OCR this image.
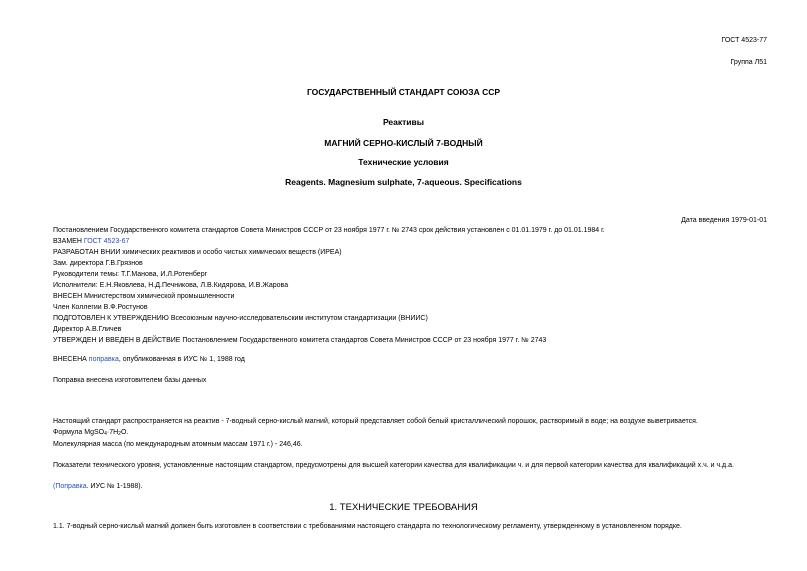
ГОСТ 4523-77
Группа Л51
ГОСУДАРСТВЕННЫЙ СТАНДАРТ СОЮЗА ССР
Реактивы
МАГНИЙ СЕРНО-КИСЛЫЙ 7-ВОДНЫЙ
Технические условия
Reagents. Magnesium sulphate, 7-aqueous. Specifications
Дата введения 1979-01-01
Постановлением Государственного комитета стандартов Совета Министров СССР от 23 ноября 1977 г. № 2743 срок действия установлен с 01.01.1979 г. до 01.01.1984 г.
ВЗАМЕН ГОСТ 4523-67
РАЗРАБОТАН ВНИИ химических реактивов и особо чистых химических веществ (ИРЕА)
Зам. директора Г.В.Грязнов
Руководители темы: Т.Г.Манова, И.Л.Ротенберг
Исполнители: Е.Н.Яковлева, Н.Д.Печникова, Л.В.Кидярова, И.В.Жарова
ВНЕСЕН Министерством химической промышленности
Член Коллегии В.Ф.Ростунов
ПОДГОТОВЛЕН К УТВЕРЖДЕНИЮ Всесоюзным научно-исследовательским институтом стандартизации (ВНИИС)
Директор А.В.Гличев
УТВЕРЖДЕН И ВВЕДЕН В ДЕЙСТВИЕ Постановлением Государственного комитета стандартов Совета Министров СССР от 23 ноября 1977 г. № 2743
ВНЕСЕНА поправка, опубликованная в ИУС № 1, 1988 год
Поправка внесена изготовителем базы данных
Настоящий стандарт распространяется на реактив - 7-водный серно-кислый магний, который представляет собой белый кристаллический порошок, растворимый в воде; на воздухе выветривается.
Формула $MgSO_4\cdot 7H_2O$.
Молекулярная масса (по международным атомным массам 1971 г.) - 246,46.
Показатели технического уровня, установленные настоящим стандартом, предусмотрены для высшей категории качества для квалификации ч. и для первой категории качества для квалификаций х.ч. и ч.д.а.
(Поправка. ИУС № 1-1988).
1. ТЕХНИЧЕСКИЕ ТРЕБОВАНИЯ
1.1. 7-водный серно-кислый магний должен быть изготовлен в соответствии с требованиями настоящего стандарта по технологическому регламенту, утвержденному в установленном порядке.
